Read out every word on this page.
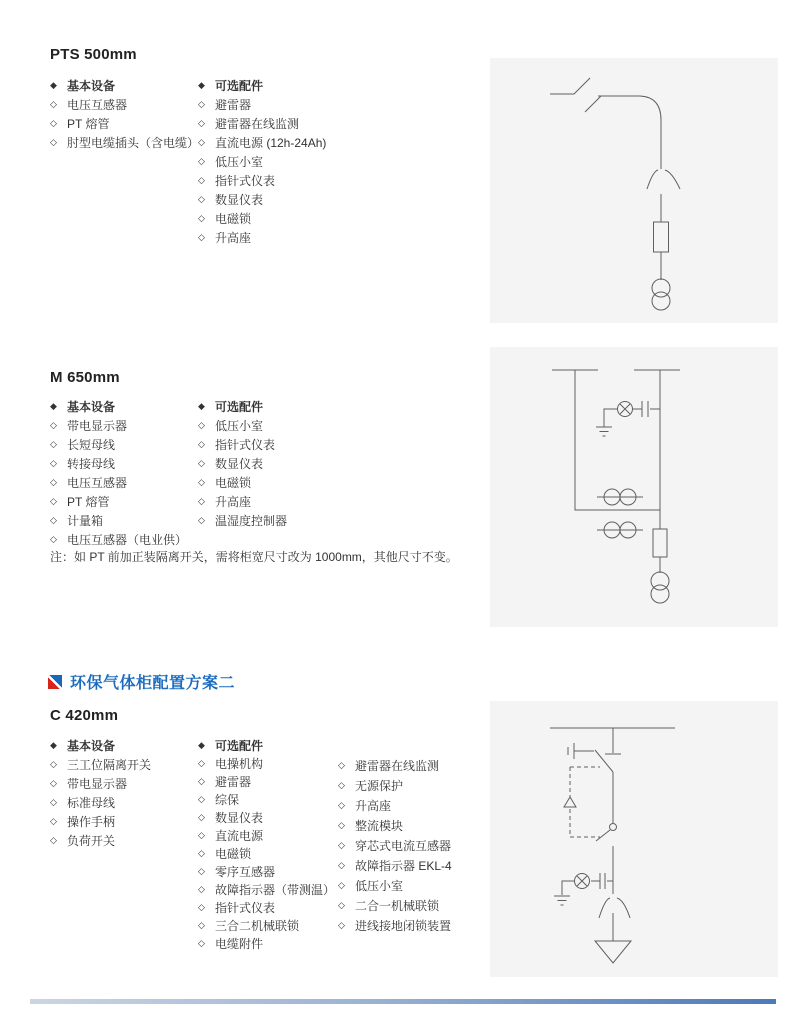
PTS 500mm
◆ 基本设备
◇ 电压互感器
◇ PT 熔管
◇ 肘型电缆插头（含电缆）
◆ 可选配件
◇ 避雷器
◇ 避雷器在线监测
◇ 直流电源 (12h-24Ah)
◇ 低压小室
◇ 指针式仪表
◇ 数显仪表
◇ 电磁锁
◇ 升高座
M 650mm
◆ 基本设备
◇ 带电显示器
◇ 长短母线
◇ 转接母线
◇ 电压互感器
◇ PT 熔管
◇ 计量箱
◇ 电压互感器（电业供）
◆ 可选配件
◇ 低压小室
◇ 指针式仪表
◇ 数显仪表
◇ 电磁锁
◇ 升高座
◇ 温湿度控制器
注：如 PT 前加正装隔离开关，需将柜宽尺寸改为 1000mm，其他尺寸不变。
环保气体柜配置方案二
C 420mm
◆ 基本设备
◇ 三工位隔离开关
◇ 带电显示器
◇ 标准母线
◇ 操作手柄
◇ 负荷开关
◆ 可选配件
◇ 电操机构
◇ 避雷器
◇ 综保
◇ 数显仪表
◇ 直流电源
◇ 电磁锁
◇ 零序互感器
◇ 故障指示器（带测温）
◇ 指针式仪表
◇ 三合二机械联锁
◇ 电缆附件
◇ 避雷器在线监测
◇ 无源保护
◇ 升高座
◇ 整流模块
◇ 穿芯式电流互感器
◇ 故障指示器 EKL-4
◇ 低压小室
◇ 二合一机械联锁
◇ 进线接地闭锁装置
